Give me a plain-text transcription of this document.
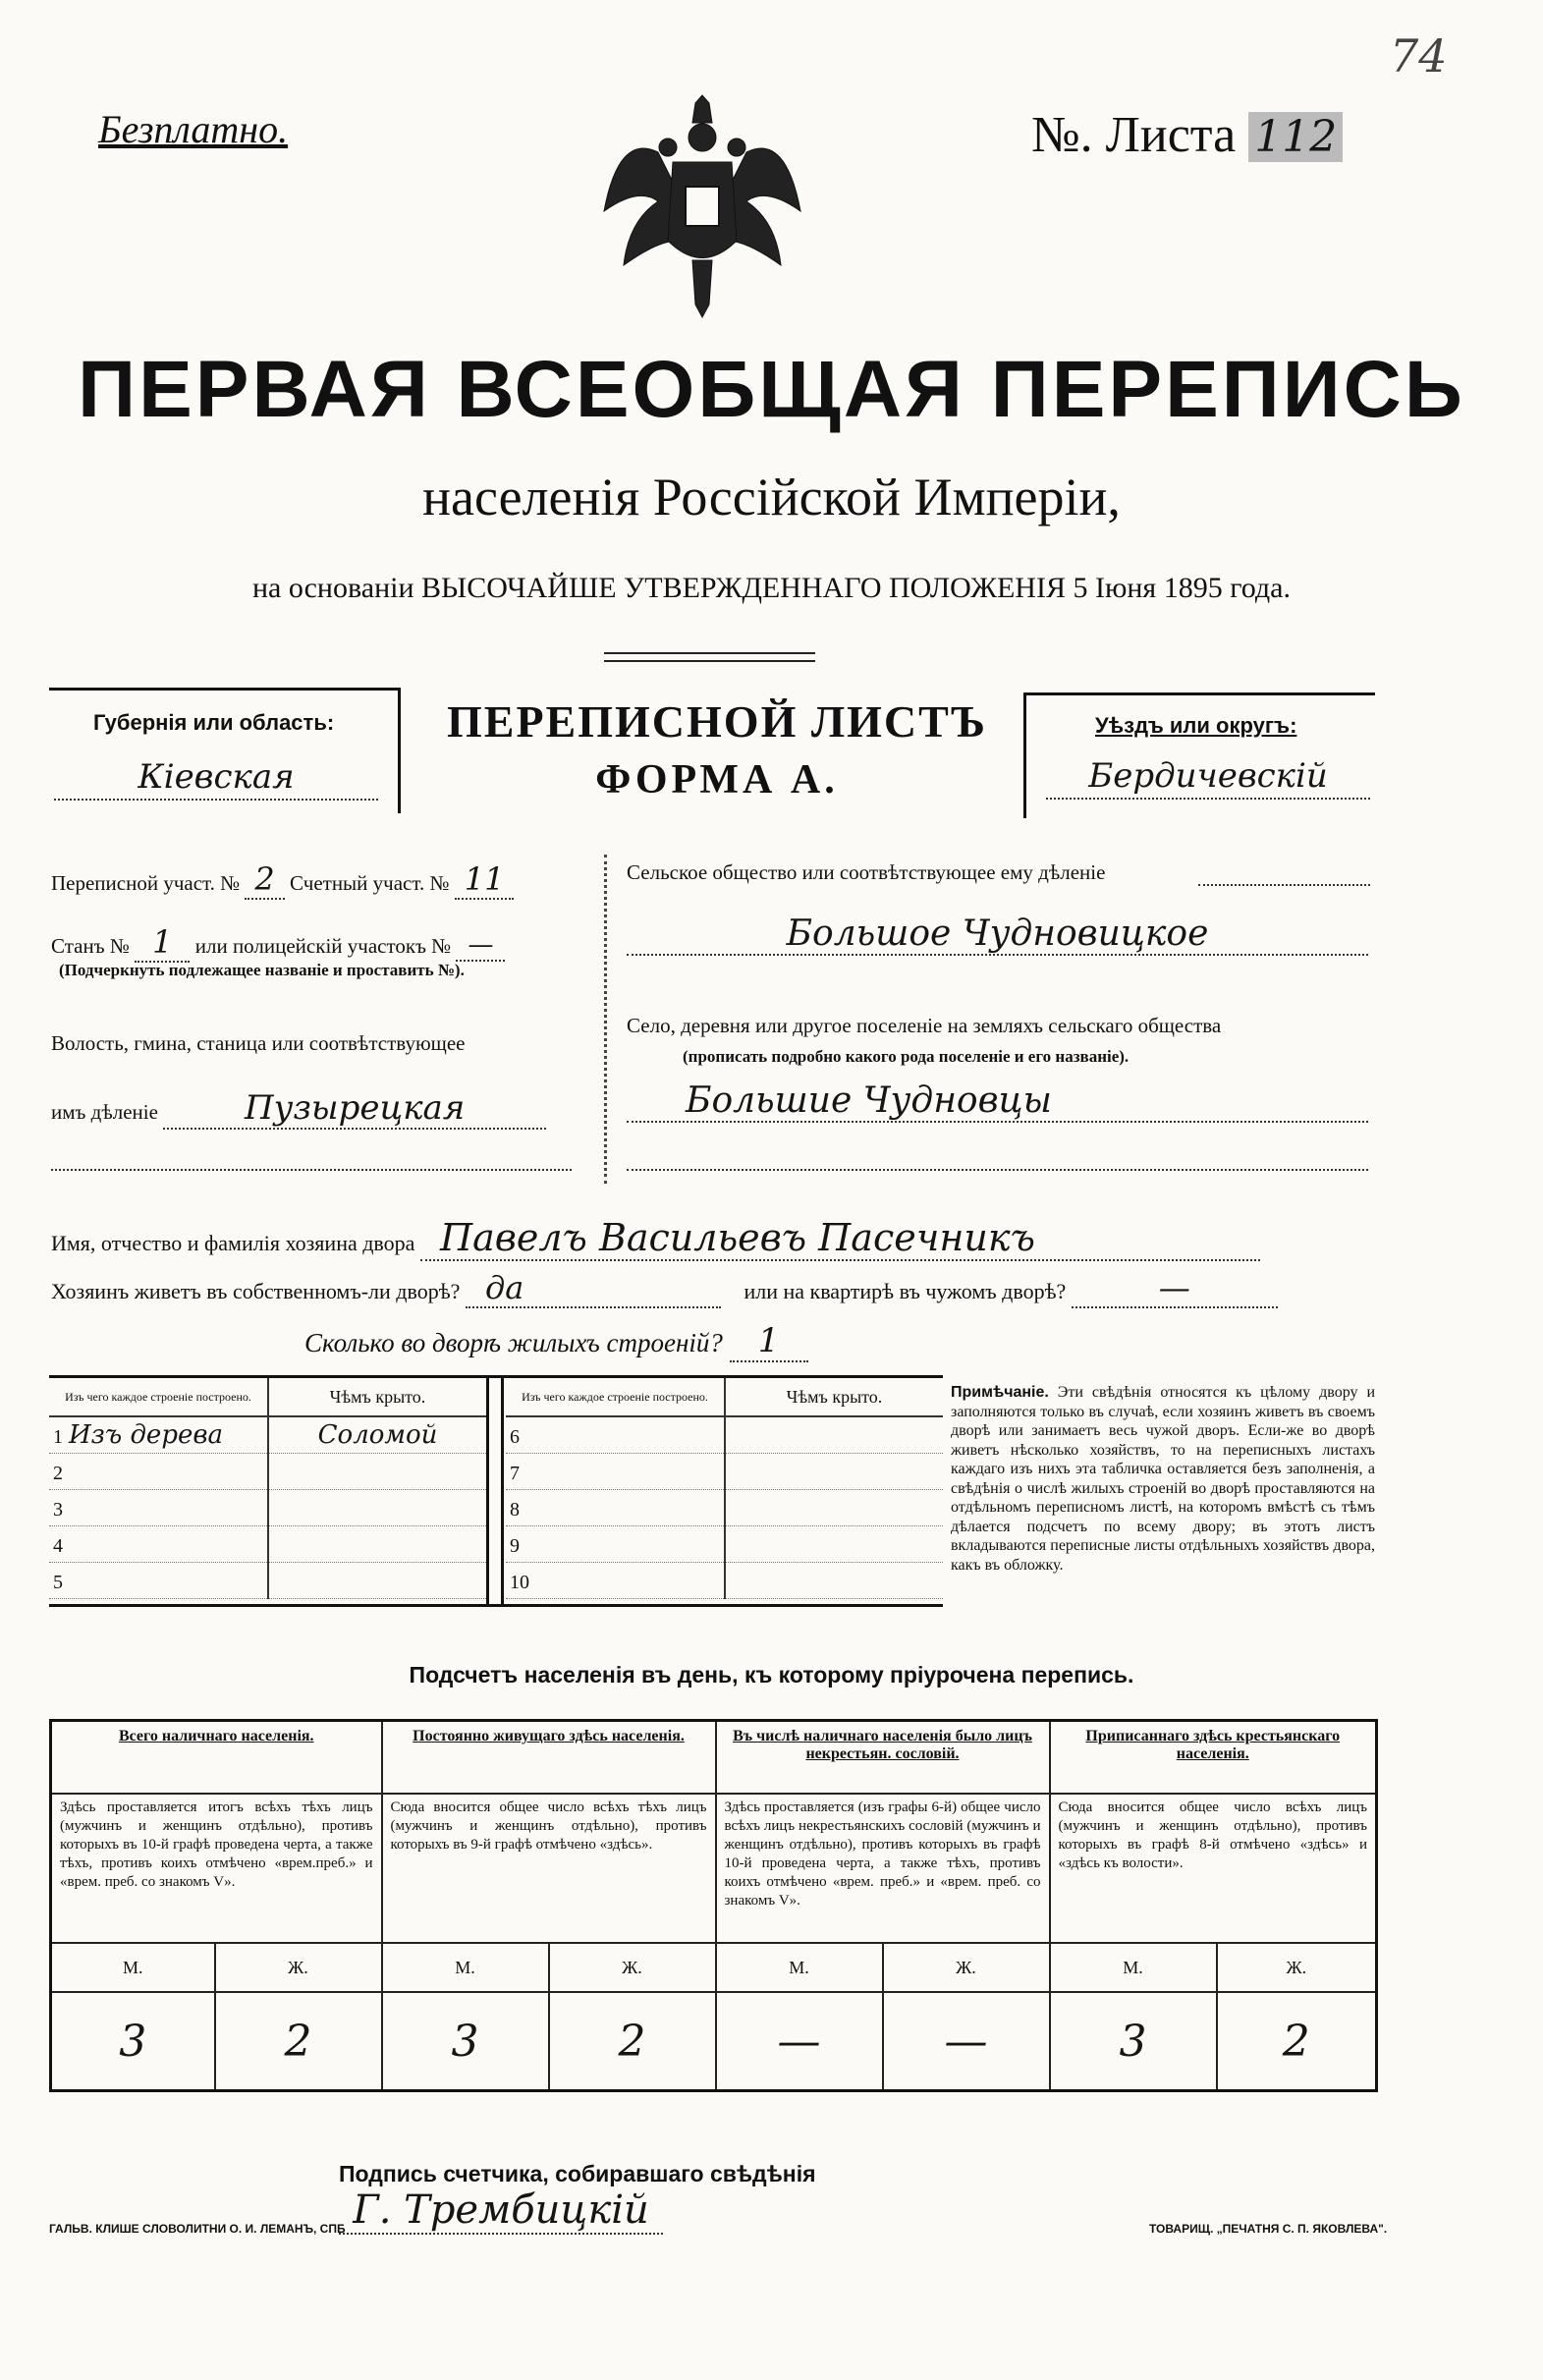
Безплатно.	№. Листа 112
74
ПЕРВАЯ ВСЕОБЩАЯ ПЕРЕПИСЬ
населенія Россійской Имперіи,
на основаніи ВЫСОЧАЙШЕ УТВЕРЖДЕННАГО ПОЛОЖЕНІЯ 5 Іюня 1895 года.
Губернія или область:
Кіевская
ПЕРЕПИСНОЙ ЛИСТЪ
ФОРМА А.
Уѣздъ или округъ:
Бердичевскій
Переписной участ. № 2 Счетный участ. № 11
Станъ № 1 или полицейскій участокъ № —
(Подчеркнуть подлежащее названіе и проставить №).
Волость, гмина, станица или соотвѣтствующее
имъ дѣленіе	Пузырецкая
Сельское общество или соотвѣтствующее ему дѣленіе
Большое Чудновицкое
Село, деревня или другое поселеніе на земляхъ сельскаго общества
(прописать подробно какого рода поселеніе и его названіе).
Большие Чудновцы
Имя, отчество и фамилія хозяина двора Павелъ Васильевъ Пасечникъ
Хозяинъ живетъ въ собственномъ-ли дворѣ? да	или на квартирѣ въ чужомъ дворѣ?	—
Сколько во дворѣ жилыхъ строеній? 1
Изъ чего каждое строеніе построено.	Чѣмъ крыто.
1 Изъ дерева	Соломой
2	
3	
4	
5	
Изъ чего каждое строеніе построено.	Чѣмъ крыто.
6	
7	
8	
9	
10	
Примѣчаніе. Эти свѣдѣнія относятся къ цѣлому двору и заполняются только въ случаѣ, если хозяинъ живетъ въ своемъ дворѣ или занимаетъ весь чужой дворъ. Если-же во дворѣ живетъ нѣсколько хозяйствъ, то на переписныхъ листахъ каждаго изъ нихъ эта табличка оставляется безъ заполненія, а свѣдѣнія о числѣ жилыхъ строеній во дворѣ проставляются на отдѣльномъ переписномъ листѣ, на которомъ вмѣстѣ съ тѣмъ дѣлается подсчетъ по всему двору; въ этотъ листъ вкладываются переписные листы отдѣльныхъ хозяйствъ двора, какъ въ обложку.
Подсчетъ населенія въ день, къ которому пріурочена перепись.
Всего наличнаго населенія.		Постоянно живущаго здѣсь населенія.		Въ числѣ наличнаго населенія было лицъ некрестьян. сословій.		Приписаннаго здѣсь крестьянскаго населенія.	
Здѣсь проставляется итогъ всѣхъ тѣхъ лицъ (мужчинъ и женщинъ отдѣльно), противъ которыхъ въ 10-й графѣ проведена черта, а также тѣхъ, противъ коихъ отмѣчено «врем.преб.» и «врем. преб. со знакомъ V».		Сюда вносится общее число всѣхъ тѣхъ лицъ (мужчинъ и женщинъ отдѣльно), противъ которыхъ въ 9-й графѣ отмѣчено «здѣсь».		Здѣсь проставляется (изъ графы 6-й) общее число всѣхъ лицъ некрестьянскихъ сословій (мужчинъ и женщинъ отдѣльно), противъ которыхъ въ графѣ 10-й проведена черта, а также тѣхъ, противъ коихъ отмѣчено «врем. преб.» и «врем. преб. со знакомъ V».		Сюда вносится общее число всѣхъ лицъ (мужчинъ и женщинъ отдѣльно), противъ которыхъ въ графѣ 8-й отмѣчено «здѣсь» и «здѣсь къ волости».	
М.	Ж.	М.	Ж.	М.	Ж.	М.	Ж.
3	2	3	2	—	—	3	2
Подпись счетчика, собиравшаго свѣдѣнія Г. Трембицкій
ГАЛЬВ. КЛИШЕ СЛОВОЛИТНИ О. И. ЛЕМАНЪ, СПБ	ТОВАРИЩ. „ПЕЧАТНЯ С. П. ЯКОВЛЕВА".
